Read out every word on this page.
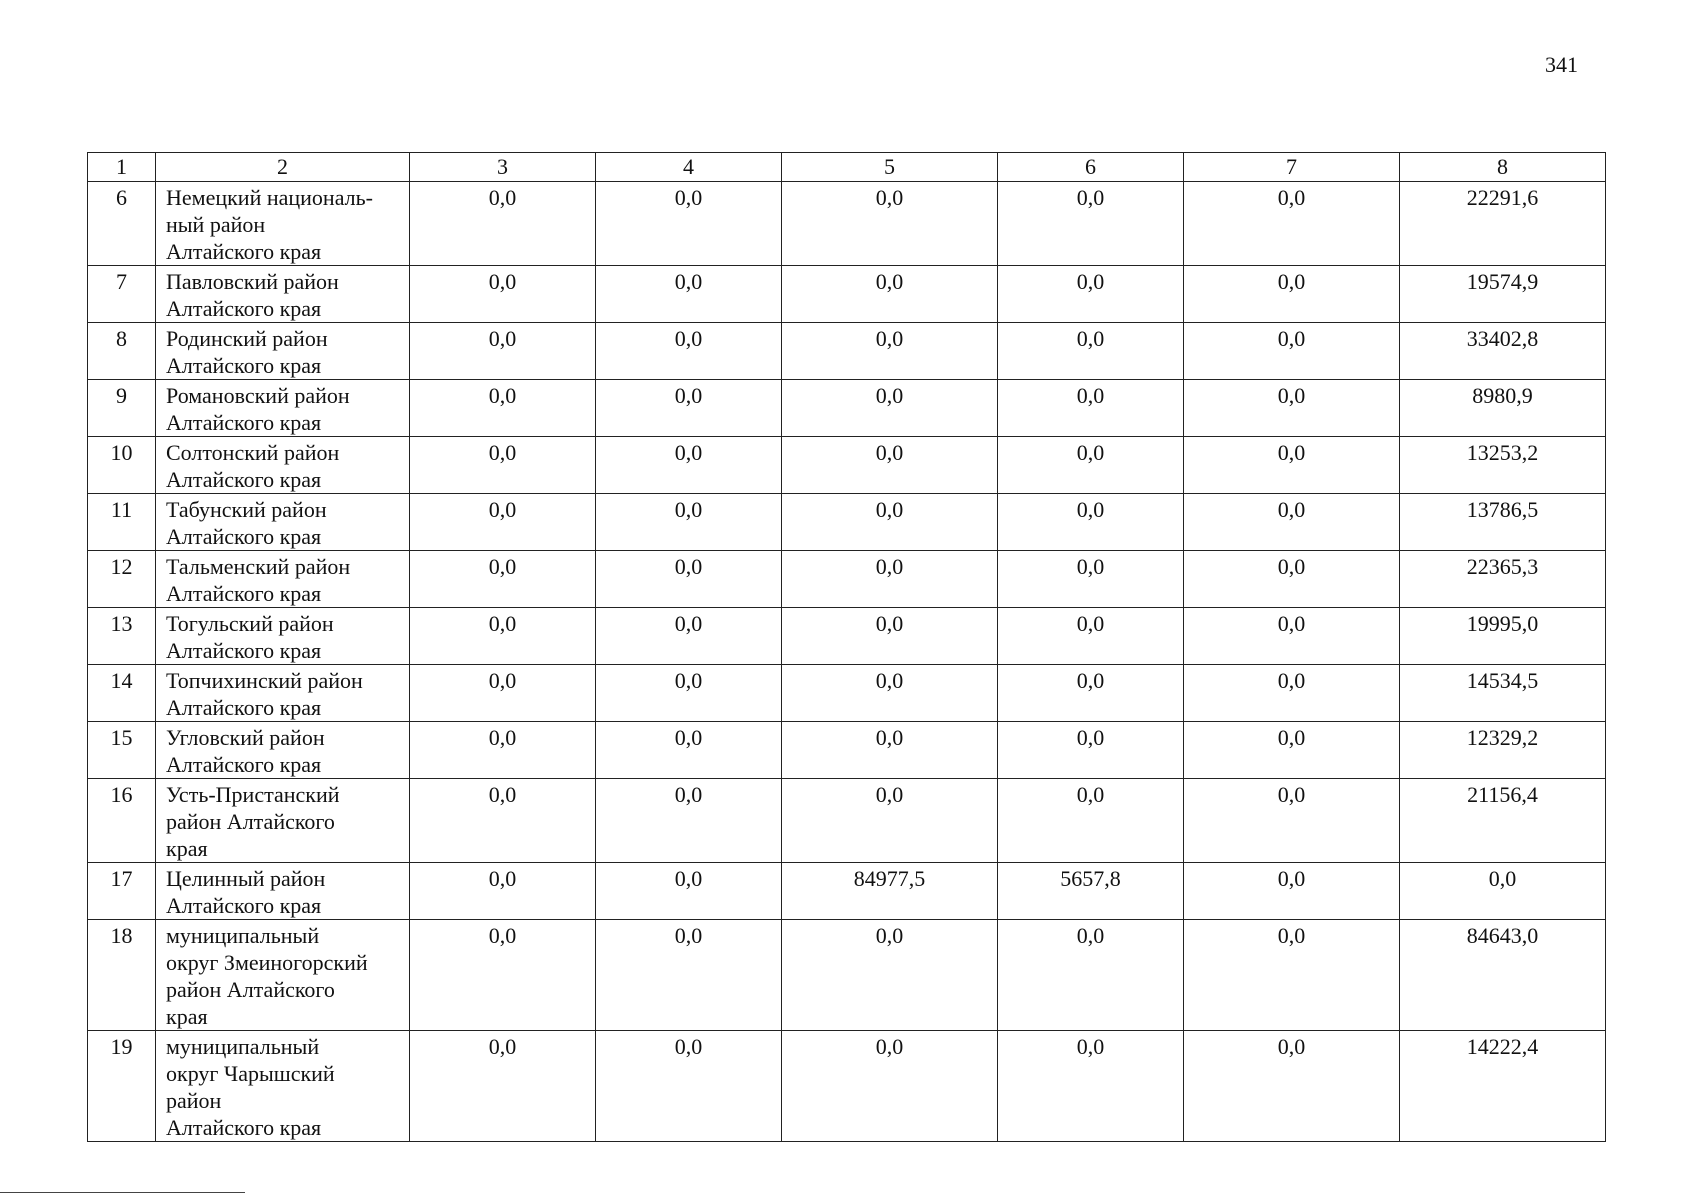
341
1	2	3	4	5	6	7	8
6	Немецкий националь-
ный район
Алтайского края	0,0	0,0	0,0	0,0	0,0	22291,6
7	Павловский район
Алтайского края	0,0	0,0	0,0	0,0	0,0	19574,9
8	Родинский район
Алтайского края	0,0	0,0	0,0	0,0	0,0	33402,8
9	Романовский район
Алтайского края	0,0	0,0	0,0	0,0	0,0	8980,9
10	Солтонский район
Алтайского края	0,0	0,0	0,0	0,0	0,0	13253,2
11	Табунский район
Алтайского края	0,0	0,0	0,0	0,0	0,0	13786,5
12	Тальменский район
Алтайского края	0,0	0,0	0,0	0,0	0,0	22365,3
13	Тогульский район
Алтайского края	0,0	0,0	0,0	0,0	0,0	19995,0
14	Топчихинский район
Алтайского края	0,0	0,0	0,0	0,0	0,0	14534,5
15	Угловский район
Алтайского края	0,0	0,0	0,0	0,0	0,0	12329,2
16	Усть-Пристанский
район Алтайского
края	0,0	0,0	0,0	0,0	0,0	21156,4
17	Целинный район
Алтайского края	0,0	0,0	84977,5	5657,8	0,0	0,0
18	муниципальный
округ Змеиногорский
район Алтайского
края	0,0	0,0	0,0	0,0	0,0	84643,0
19	муниципальный
округ Чарышский
район
Алтайского края	0,0	0,0	0,0	0,0	0,0	14222,4
